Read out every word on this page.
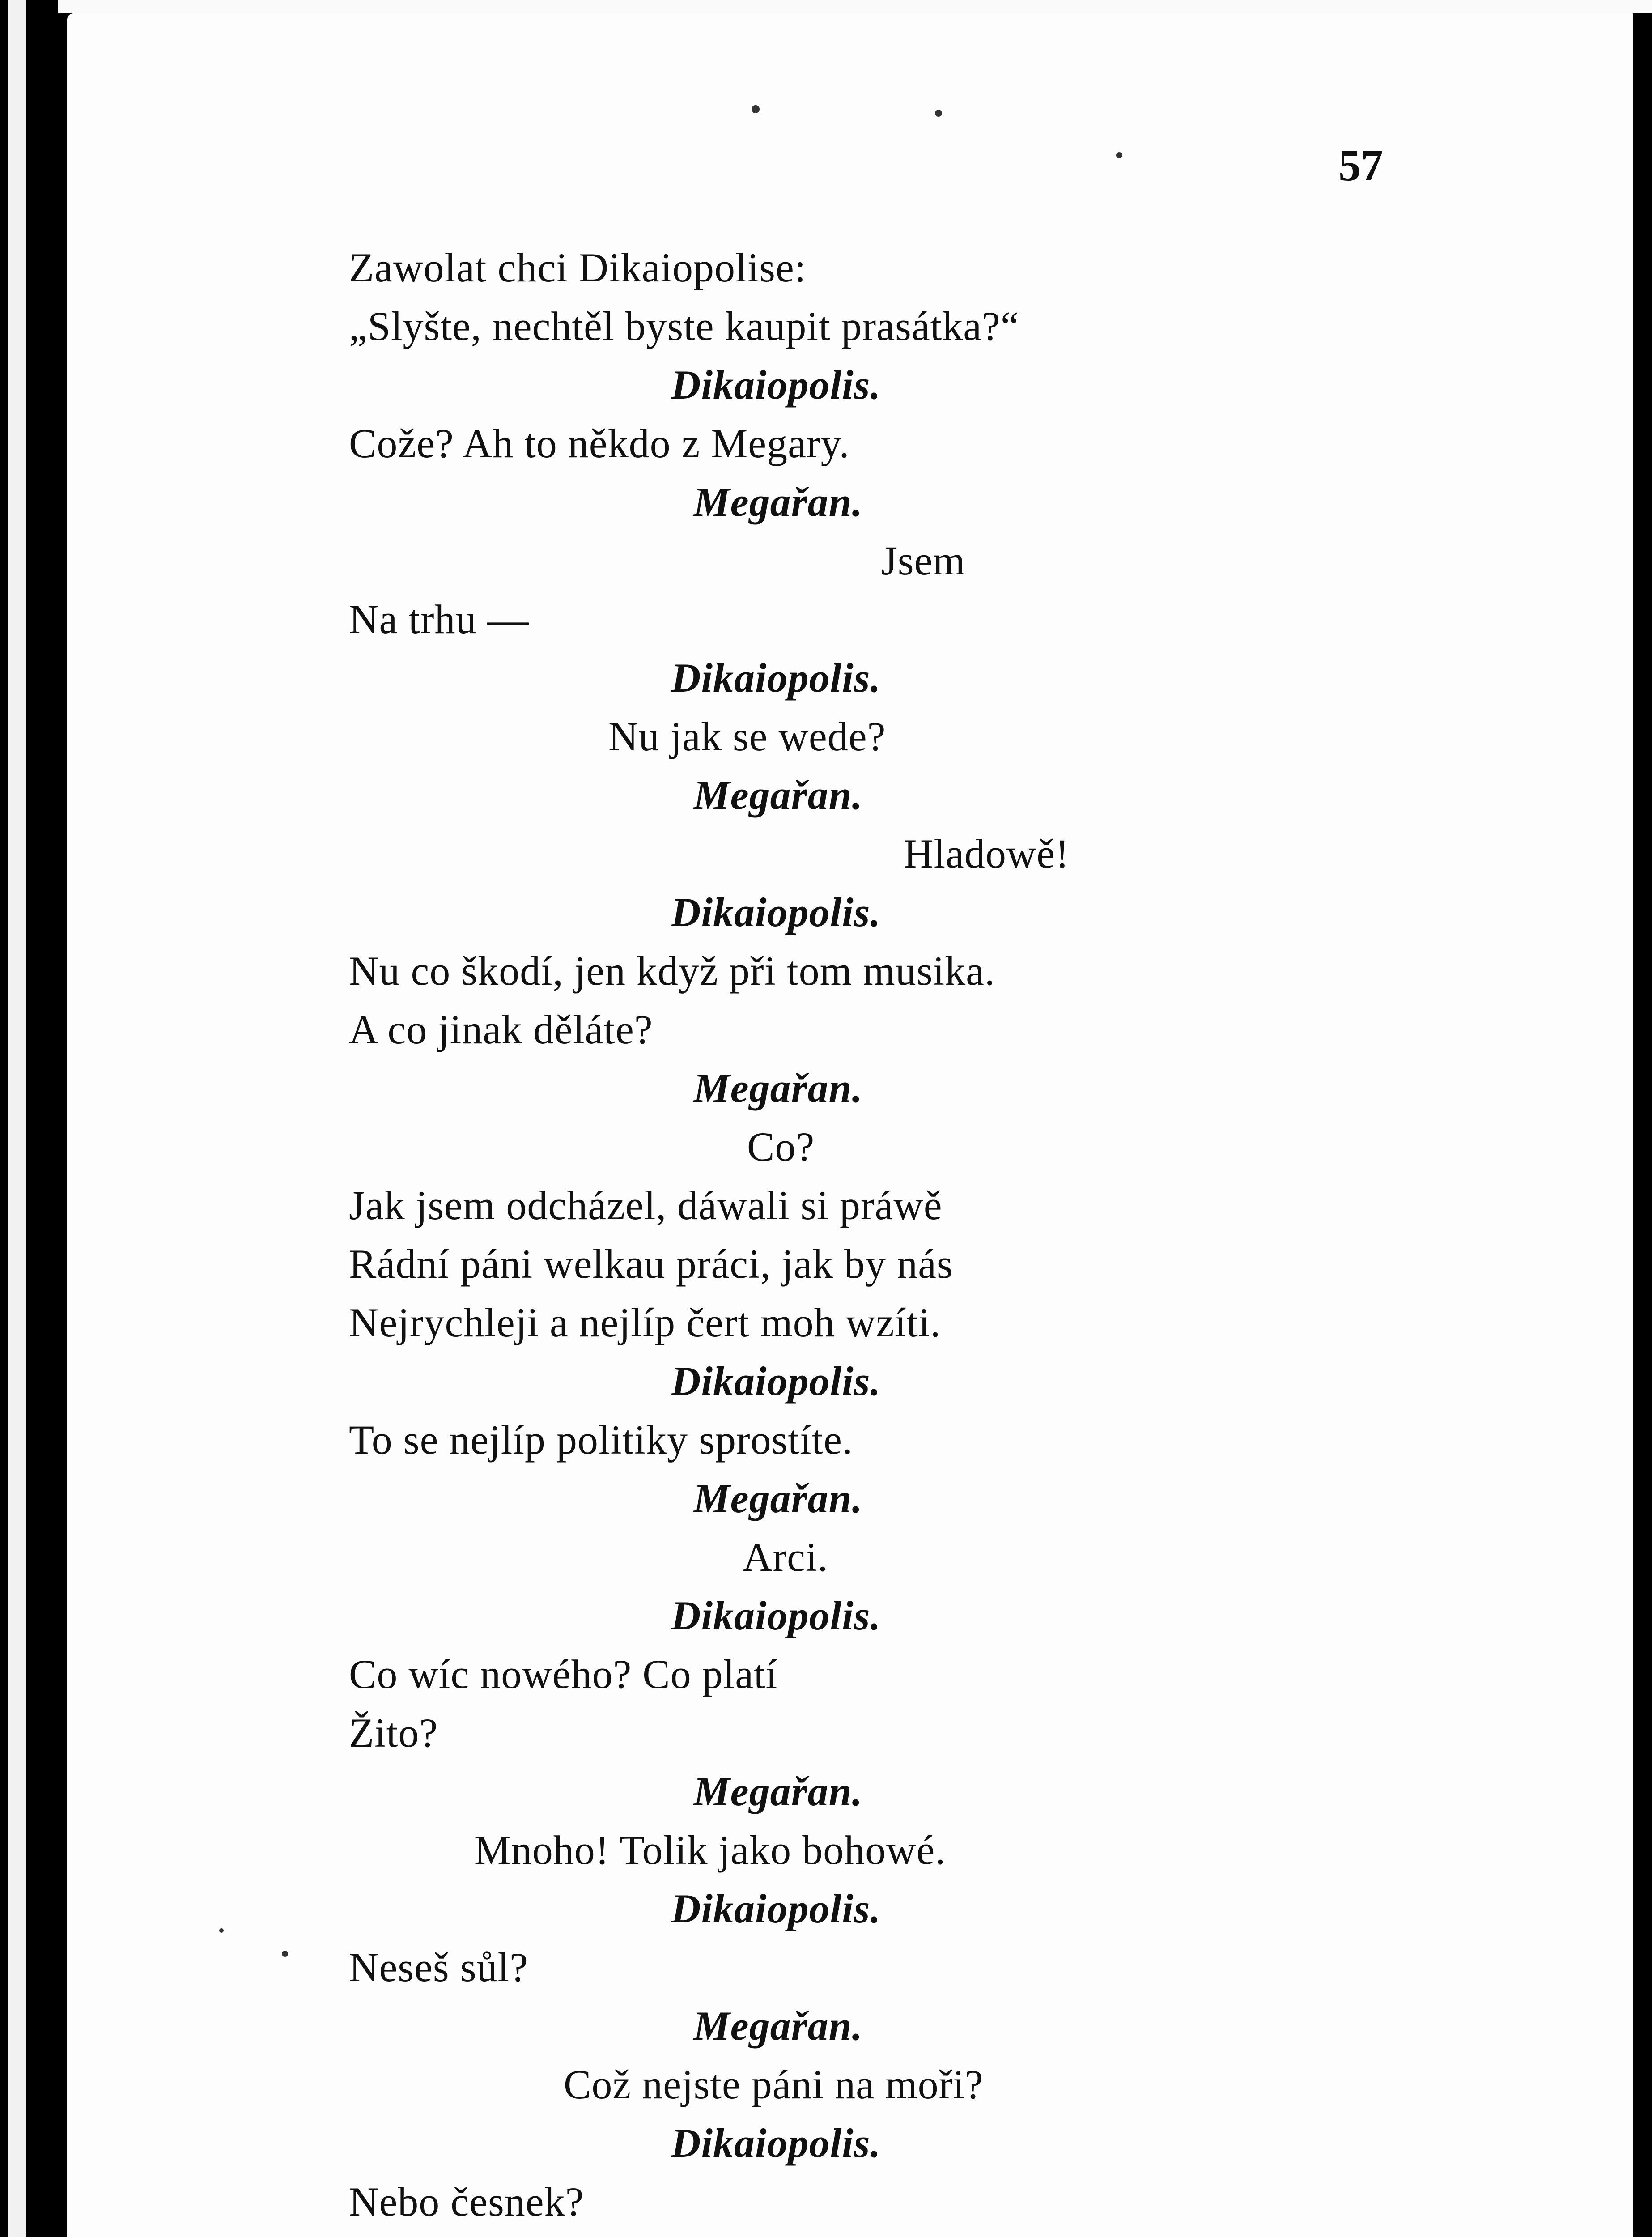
57

Zawolat chci Dikaiopolise:
„Slyšte, nechtěl byste kaupit prasátka?“
Dikaiopolis.
Cože? Ah to někdo z Megary.
Megařan.
Jsem
Na trhu —
Dikaiopolis.
Nu jak se wede?
Megařan.
Hladowě!
Dikaiopolis.
Nu co škodí, jen když při tom musika.
A co jinak děláte?
Megařan.
Co?
Jak jsem odcházel, dáwali si práwě
Rádní páni welkau práci, jak by nás
Nejrychleji a nejlíp čert moh wzíti.
Dikaiopolis.
To se nejlíp politiky sprostíte.
Megařan.
Arci.
Dikaiopolis.
Co wíc nowého? Co platí
Žito?
Megařan.
Mnoho! Tolik jako bohowé.
Dikaiopolis.
Neseš sůl?
Megařan.
Což nejste páni na moři?
Dikaiopolis.
Nebo česnek?
